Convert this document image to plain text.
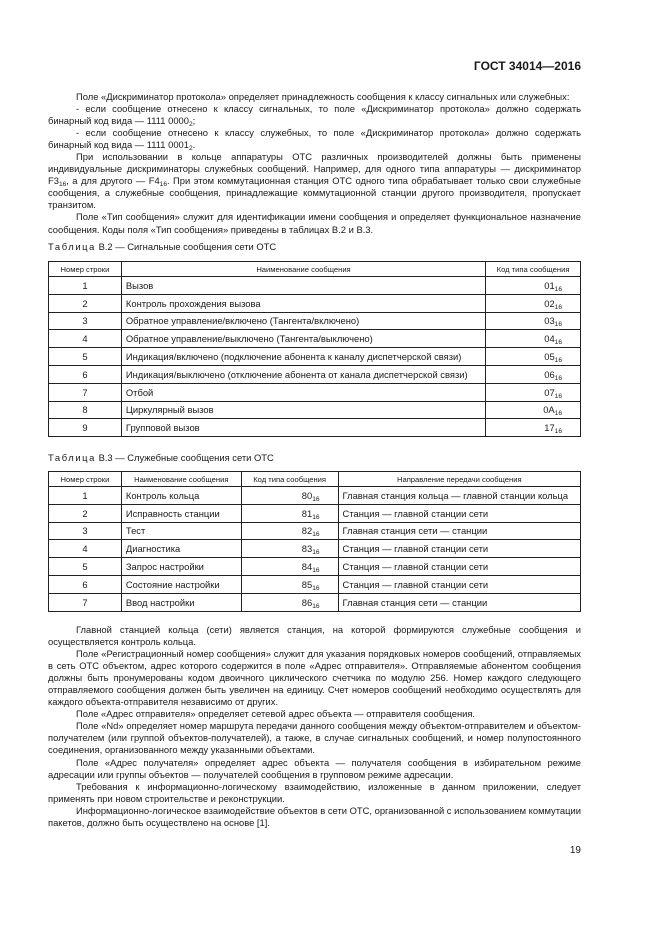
ГОСТ 34014—2016

Поле «Дискриминатор протокола» определяет принадлежность сообщения к классу сигнальных или служебных:

- если сообщение отнесено к классу сигнальных, то поле «Дискриминатор протокола» должно содержать бинарный код вида — 1111 $0000_2$;

- если сообщение отнесено к классу служебных, то поле «Дискриминатор протокола» должно содержать бинарный код вида — 1111 $0001_2$.

При использовании в кольце аппаратуры ОТС различных производителей должны быть применены индивидуальные дискриминаторы служебных сообщений. Например, для одного типа аппаратуры — дискриминатор $F3_{16}$, а для другого — $F4_{16}$. При этом коммутационная станция ОТС одного типа обрабатывает только свои служебные сообщения, а служебные сообщения, принадлежащие коммутационной станции другого производителя, пропускает транзитом.

Поле «Тип сообщения» служит для идентификации имени сообщения и определяет функциональное назначение сообщения. Коды поля «Тип сообщения» приведены в таблицах В.2 и В.3.

Таблица В.2 — Сигнальные сообщения сети ОТС
Номер строки	Наименование сообщения	Код типа сообщения
1	Вызов	$01_{16}$
2	Контроль прохождения вызова	$02_{16}$
3	Обратное управление/включено (Тангента/включено)	$03_{16}$
4	Обратное управление/выключено (Тангента/выключено)	$04_{16}$
5	Индикация/включено (подключение абонента к каналу диспетчерской связи)	$05_{16}$
6	Индикация/выключено (отключение абонента от канала диспетчерской связи)	$06_{16}$
7	Отбой	$07_{16}$
8	Циркулярный вызов	$0A_{16}$
9	Групповой вызов	$17_{16}$
Таблица В.3 — Служебные сообщения сети ОТС
Номер строки	Наименование сообщения	Код типа сообщения	Направление передачи сообщения
1	Контроль кольца	$80_{16}$	Главная станция кольца — главной станции кольца
2	Исправность станции	$81_{16}$	Станция — главной станции сети
3	Тест	$82_{16}$	Главная станция сети — станции
4	Диагностика	$83_{16}$	Станция — главной станции сети
5	Запрос настройки	$84_{16}$	Станция — главной станции сети
6	Состояние настройки	$85_{16}$	Станция — главной станции сети
7	Ввод настройки	$86_{16}$	Главная станция сети — станции

Главной станцией кольца (сети) является станция, на которой формируются служебные сообщения и осуществляется контроль кольца.

Поле «Регистрационный номер сообщения» служит для указания порядковых номеров сообщений, отправляемых в сеть ОТС объектом, адрес которого содержится в поле «Адрес отправителя». Отправляемые абонентом сообщения должны быть пронумерованы кодом двоичного циклического счетчика по модулю 256. Номер каждого следующего отправляемого сообщения должен быть увеличен на единицу. Счет номеров сообщений необходимо осуществлять для каждого объекта-отправителя независимо от других.

Поле «Адрес отправителя» определяет сетевой адрес объекта — отправителя сообщения.

Поле «Nd» определяет номер маршрута передачи данного сообщения между объектом-отправителем и объектом-получателем (или группой объектов-получателей), а также, в случае сигнальных сообщений, и номер полупостоянного соединения, организованного между указанными объектами.

Поле «Адрес получателя» определяет адрес объекта — получателя сообщения в избирательном режиме адресации или группы объектов — получателей сообщения в групповом режиме адресации.

Требования к информационно-логическому взаимодействию, изложенные в данном приложении, следует применять при новом строительстве и реконструкции.

Информационно-логическое взаимодействие объектов в сети ОТС, организованной с использованием коммутации пакетов, должно быть осуществлено на основе [1].

19
